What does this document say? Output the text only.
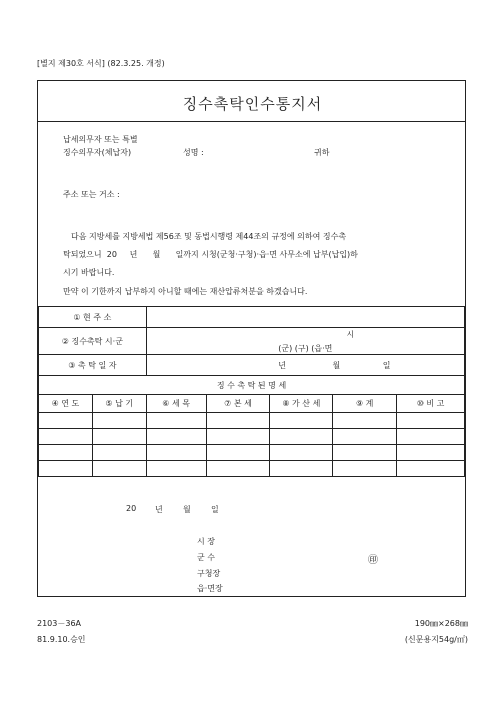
[별지 제30호 서식] (82.3.25. 개정)
징수촉탁인수통지서
납세의무자 또는 특별
징수의무자(체납자)	성명 :	귀하
주소 또는 거소 :
다음 지방세를 지방세법 제56조 및 동법시행령 제44조의 규정에 의하여 징수촉
탁되었으니  20     년      월      일까지 시청(군청·구청)·읍·면 사무소에 납부(납입)하
시기 바랍니다.
만약 이 기한까지 납부하지 아니할 때에는 재산압류처분을 하겠습니다.
① 현 주 소						
② 징수촉탁 시·군		시
(군) (구) (읍·면				

③ 촉 탁 일 자		년 월 일				
징 수 촉 탁 된 명 세						
④ 연 도	⑤ 납 기	⑥ 세 목	⑦ 본 세	⑧ 가 산 세	⑨ 계	⑩ 비 고

20 년	월	일
시 장
군 수
구청장
읍·면장
㊞
2103－36A
81.9.10.승인
190㎜×268㎜
(신문용지54g/㎡)
